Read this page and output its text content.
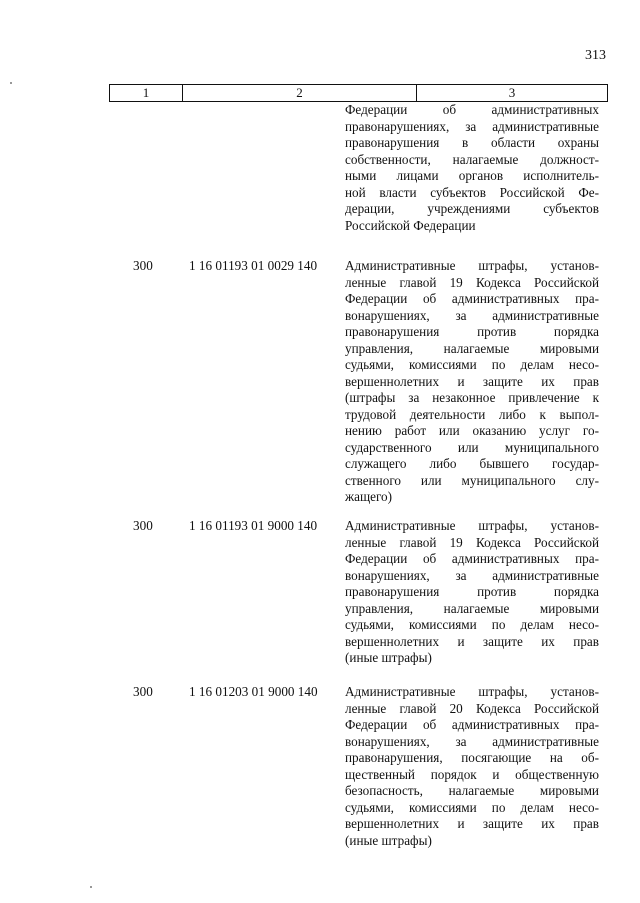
313
1	2	3
Федерации об административных
правонарушениях, за административные
правонарушения в области охраны
собственности, налагаемые должност-
ными лицами органов исполнитель-
ной власти субъектов Российской Фе-
дерации, учреждениями субъектов
Российской Федерации
300	1 16 01193 01 0029 140 Административные штрафы, установ-
ленные главой 19 Кодекса Российской
Федерации об административных пра-
вонарушениях, за административные
правонарушения против порядка
управления, налагаемые мировыми
судьями, комиссиями по делам несо-
вершеннолетних и защите их прав
(штрафы за незаконное привлечение к
трудовой деятельности либо к выпол-
нению работ или оказанию услуг го-
сударственного или муниципального
служащего либо бывшего государ-
ственного или муниципального слу-
жащего)
300	1 16 01193 01 9000 140 Административные штрафы, установ-
ленные главой 19 Кодекса Российской
Федерации об административных пра-
вонарушениях, за административные
правонарушения против порядка
управления, налагаемые мировыми
судьями, комиссиями по делам несо-
вершеннолетних и защите их прав
(иные штрафы)
300	1 16 01203 01 9000 140 Административные штрафы, установ-
ленные главой 20 Кодекса Российской
Федерации об административных пра-
вонарушениях, за административные
правонарушения, посягающие на об-
щественный порядок и общественную
безопасность, налагаемые мировыми
судьями, комиссиями по делам несо-
вершеннолетних и защите их прав
(иные штрафы)
